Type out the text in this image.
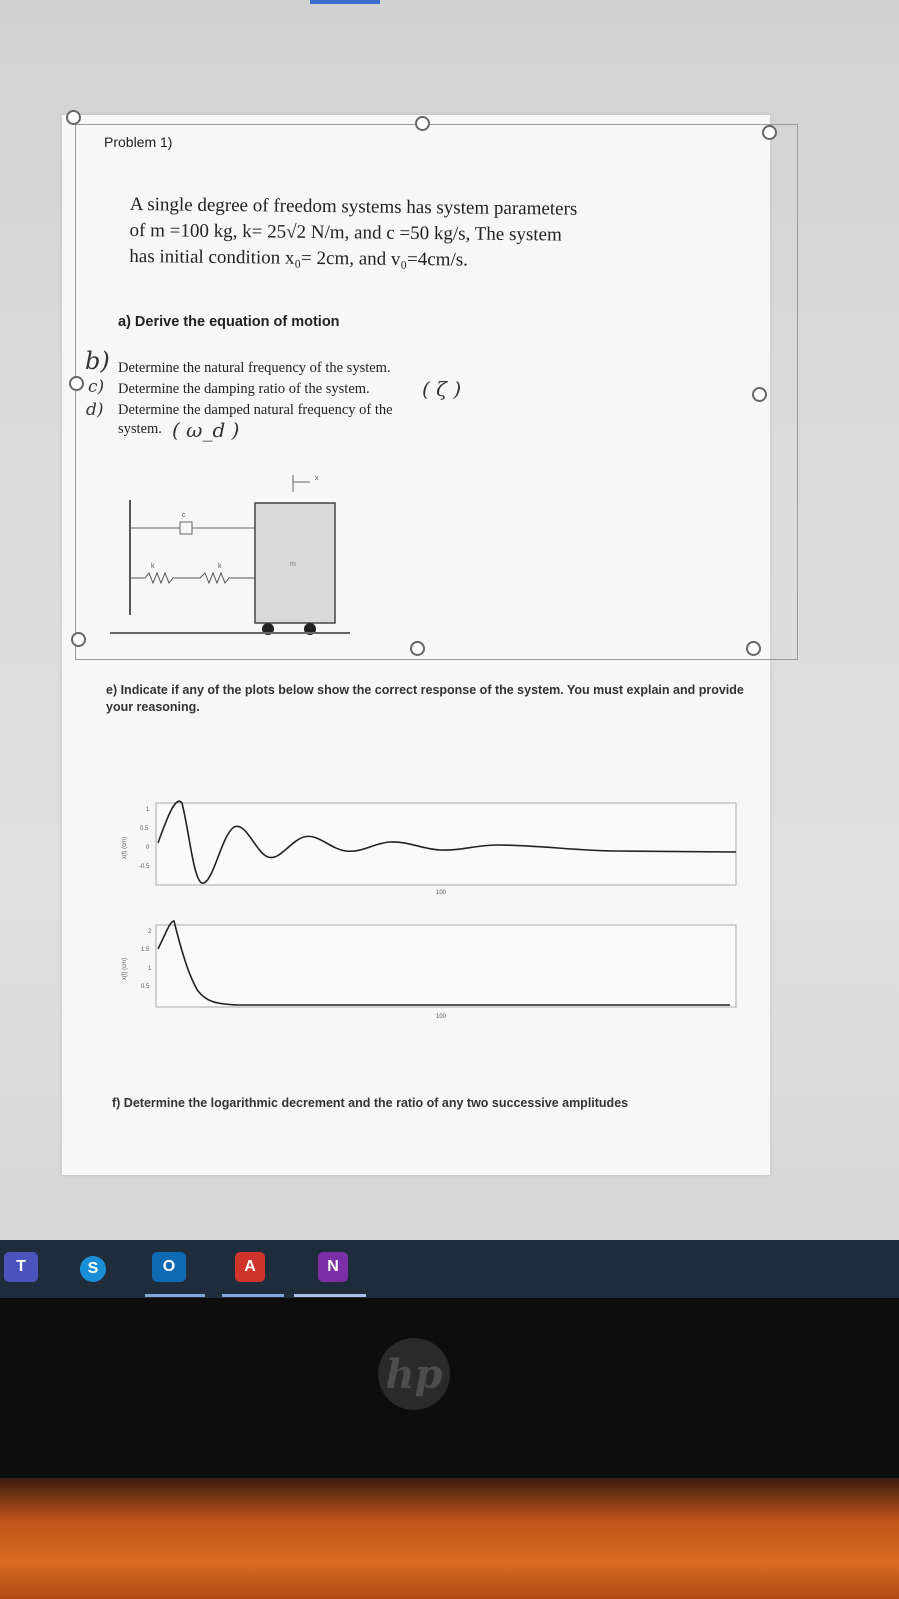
Problem 1)
A single degree of freedom systems has system parameters
of m =100 kg, k= 25√2 N/m, and c =50 kg/s, The system
has initial condition x₀= 2cm, and v₀=4cm/s.
a) Derive the equation of motion
b) Determine the natural frequency of the system.
c) Determine the damping ratio of the system.	( ζ )
d) Determine the damped natural frequency of the
system. ( ω_d )
c
k	k	m
x
e) Indicate if any of the plots below show the correct response of the system. You must explain and provide your reasoning.
1
0.5
0
-0.5
100
x(t) (cm)
2
1.5
1
0.5
100
x(t) (cm)
f) Determine the logarithmic decrement and the ratio of any two successive amplitudes
T	S	O	A	N
hp
